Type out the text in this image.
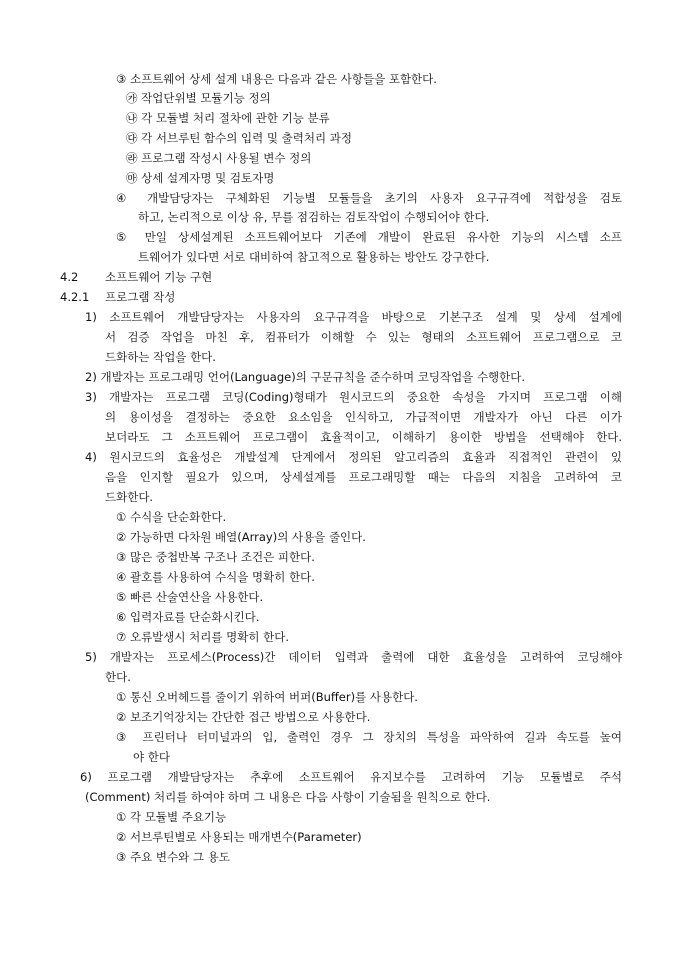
③ 소프트웨어 상세 설계 내용은 다음과 같은 사항들을 포함한다.
㉮ 작업단위별 모듈기능 정의
㉯ 각 모듈별 처리 절차에 관한 기능 분류
㉰ 각 서브루틴 함수의 입력 및 출력처리 과정
㉱ 프로그램 작성시 사용될 변수 정의
㉲ 상세 설계자명 및 검토자명
④ 개발담당자는 구체화된 기능별 모듈들을 초기의 사용자 요구규격에 적합성을 검토
하고, 논리적으로 이상 유, 무를 점검하는 검토작업이 수행되어야 한다.
⑤ 만일 상세설계된 소프트웨어보다 기존에 개발이 완료된 유사한 기능의 시스템 소프
트웨어가 있다면 서로 대비하여 참고적으로 활용하는 방안도 강구한다.
4.2 소프트웨어 기능 구현
4.2.1 프로그램 작성
1) 소프트웨어 개발담당자는 사용자의 요구규격을 바탕으로 기본구조 설계 및 상세 설계에
서 검증 작업을 마친 후, 컴퓨터가 이해할 수 있는 형태의 소프트웨어 프로그램으로 코
드화하는 작업을 한다.
2) 개발자는 프로그래밍 언어(Language)의 구문규칙을 준수하며 코딩작업을 수행한다.
3) 개발자는 프로그램 코딩(Coding)형태가 원시코드의 중요한 속성을 가지며 프로그램 이해
의 용이성을 결정하는 중요한 요소임을 인식하고, 가급적이면 개발자가 아닌 다른 이가
보더라도 그 소프트웨어 프로그램이 효율적이고, 이해하기 용이한 방법을 선택해야 한다.
4) 원시코드의 효율성은 개발설계 단계에서 정의된 알고리즘의 효율과 직접적인 관련이 있
음을 인지할 필요가 있으며, 상세설계를 프로그래밍할 때는 다음의 지침을 고려하여 코
드화한다.
① 수식을 단순화한다.
② 가능하면 다차원 배열(Array)의 사용을 줄인다.
③ 많은 중첩반복 구조나 조건은 피한다.
④ 괄호를 사용하여 수식을 명확히 한다.
⑤ 빠른 산술연산을 사용한다.
⑥ 입력자료를 단순화시킨다.
⑦ 오류발생시 처리를 명확히 한다.
5) 개발자는 프로세스(Process)간 데이터 입력과 출력에 대한 효율성을 고려하여 코딩해야
한다.
① 통신 오버헤드를 줄이기 위하여 버퍼(Buffer)를 사용한다.
② 보조기억장치는 간단한 접근 방법으로 사용한다.
③ 프린터나 터미널과의 입, 출력인 경우 그 장치의 특성을 파악하여 길과 속도를 높여
야 한다
6) 프로그램 개발담당자는 추후에 소프트웨어 유지보수를 고려하여 기능 모듈별로 주석
(Comment) 처리를 하여야 하며 그 내용은 다음 사항이 기술됨을 원칙으로 한다.
① 각 모듈별 주요기능
② 서브루틴별로 사용되는 매개변수(Parameter)
③ 주요 변수와 그 용도
